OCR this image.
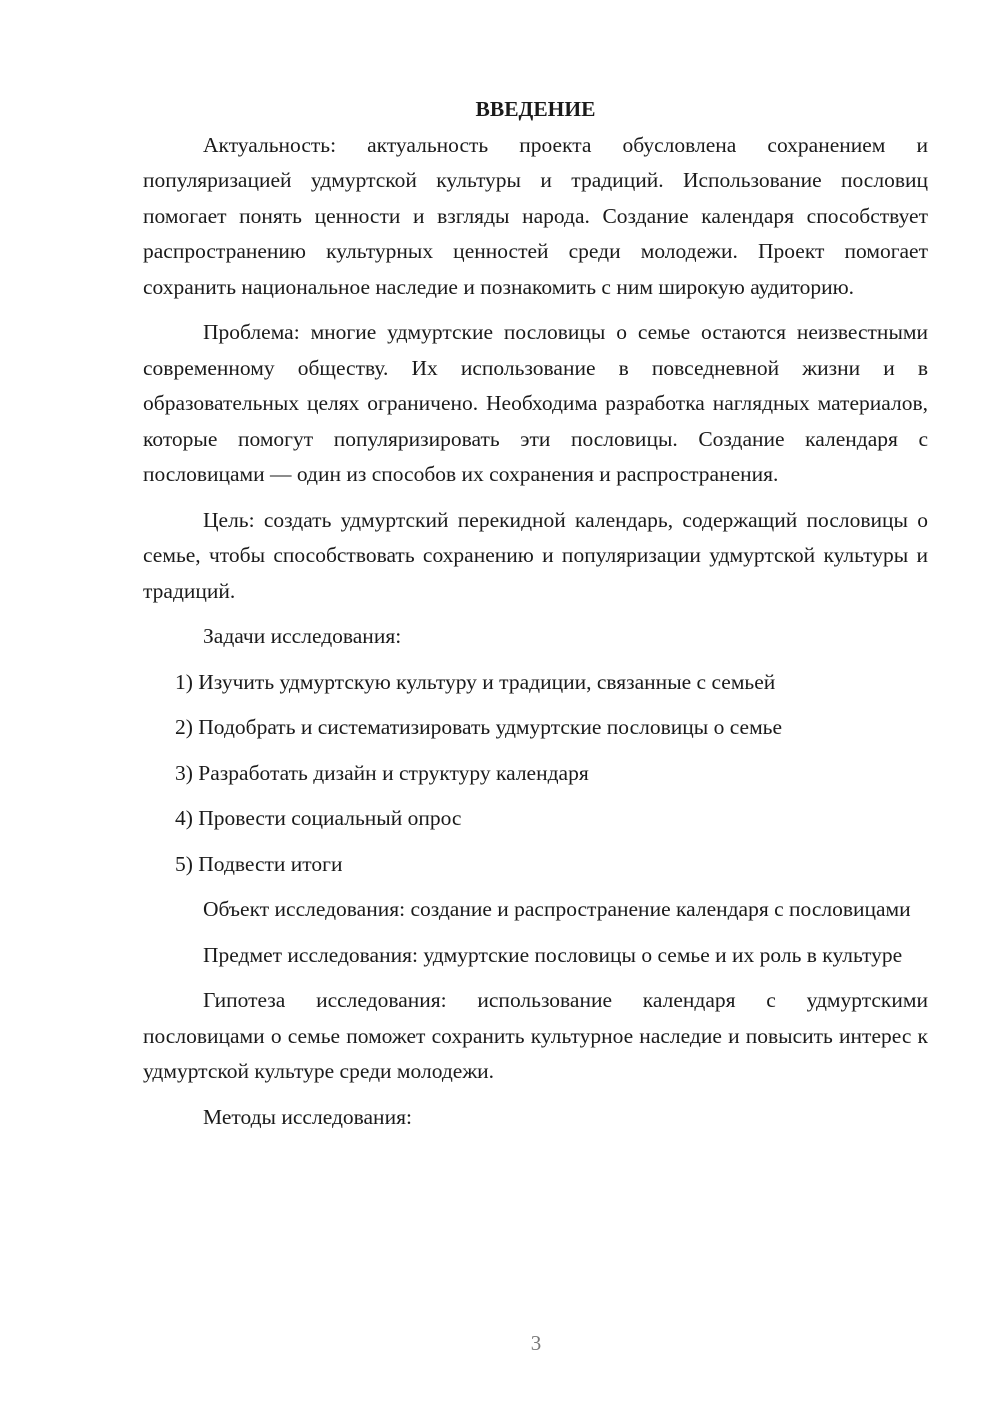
ВВЕДЕНИЕ

Актуальность: актуальность проекта обусловлена сохранением и популяризацией удмуртской культуры и традиций. Использование пословиц помогает понять ценности и взгляды народа. Создание календаря способствует распространению культурных ценностей среди молодежи. Проект помогает сохранить национальное наследие и познакомить с ним широкую аудиторию.

Проблема: многие удмуртские пословицы о семье остаются неизвестными современному обществу. Их использование в повседневной жизни и в образовательных целях ограничено. Необходима разработка наглядных материалов, которые помогут популяризировать эти пословицы. Создание календаря с пословицами — один из способов их сохранения и распространения.

Цель: создать удмуртский перекидной календарь, содержащий пословицы о семье, чтобы способствовать сохранению и популяризации удмуртской культуры и традиций.

Задачи исследования:

1) Изучить удмуртскую культуру и традиции, связанные с семьей
2) Подобрать и систематизировать удмуртские пословицы о семье
3) Разработать дизайн и структуру календаря
4) Провести социальный опрос
5) Подвести итоги

Объект исследования: создание и распространение календаря с пословицами

Предмет исследования: удмуртские пословицы о семье и их роль в культуре

Гипотеза исследования: использование календаря с удмуртскими пословицами о семье поможет сохранить культурное наследие и повысить интерес к удмуртской культуре среди молодежи.

Методы исследования:

3
